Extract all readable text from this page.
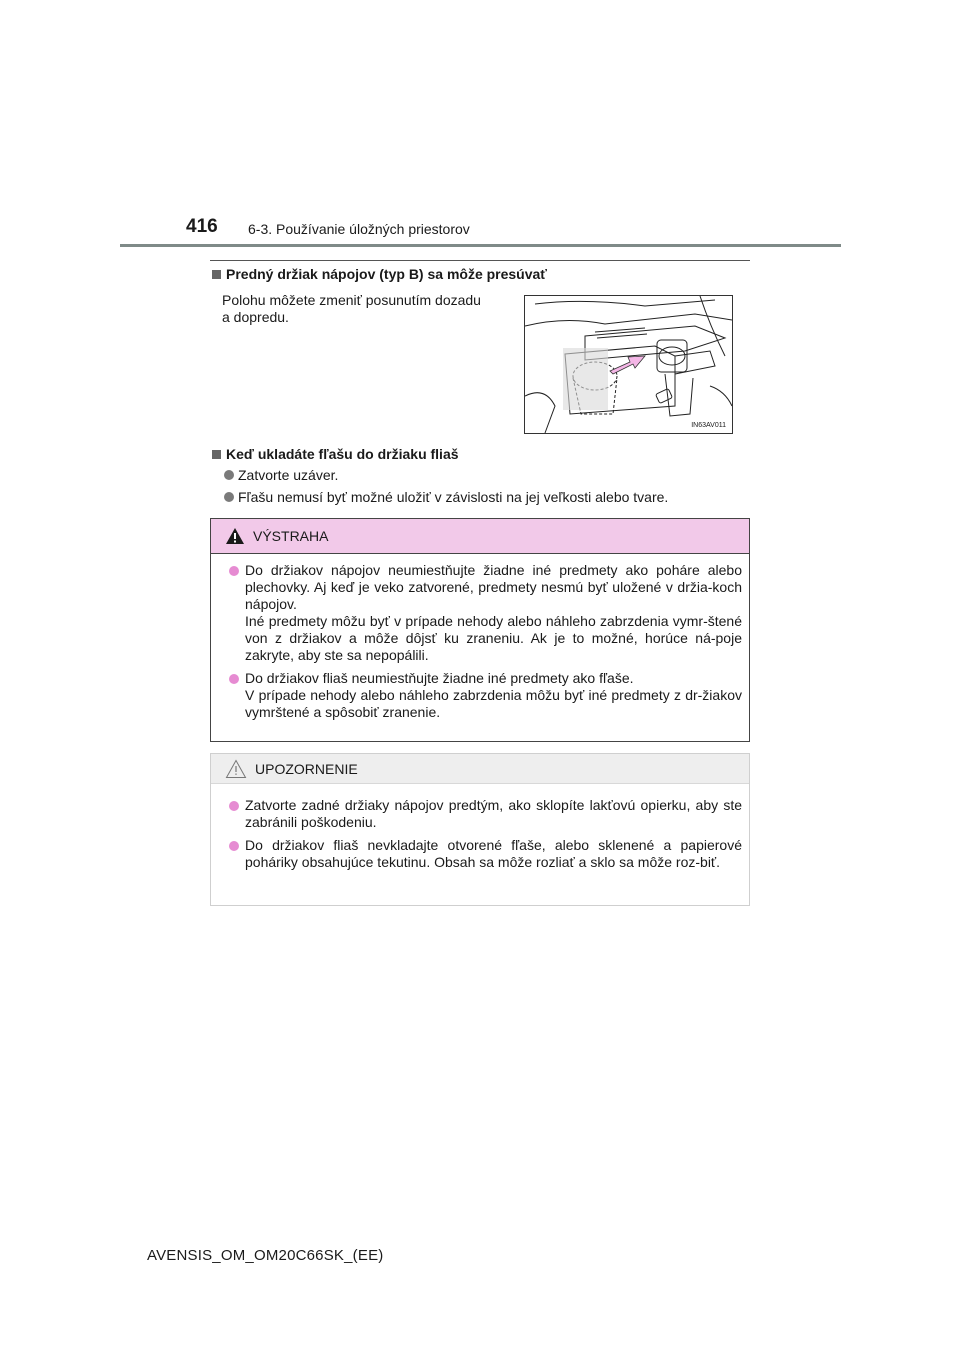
416 6-3. Používanie úložných priestorov
Predný držiak nápojov (typ B) sa môže presúvať
Polohu môžete zmeniť posunutím dozadu
a dopredu.
IN63AV011
Keď ukladáte fľašu do držiaku fliaš
Zatvorte uzáver.
Fľašu nemusí byť možné uložiť v závislosti na jej veľkosti alebo tvare.
VÝSTRAHA
Do držiakov nápojov neumiestňujte žiadne iné predmety ako poháre alebo plechovky. Aj keď je veko zatvorené, predmety nesmú byť uložené v držia-koch nápojov.
Iné predmety môžu byť v prípade nehody alebo náhleho zabrzdenia vymr-štené von z držiakov a môže dôjsť ku zraneniu. Ak je to možné, horúce ná-poje zakryte, aby ste sa nepopálili.
Do držiakov fliaš neumiestňujte žiadne iné predmety ako fľaše.
V prípade nehody alebo náhleho zabrzdenia môžu byť iné predmety z dr-žiakov vymrštené a spôsobiť zranenie.
UPOZORNENIE
Zatvorte zadné držiaky nápojov predtým, ako sklopíte lakťovú opierku, aby ste zabránili poškodeniu.
Do držiakov fliaš nevkladajte otvorené fľaše, alebo sklenené a papierové poháriky obsahujúce tekutinu. Obsah sa môže rozliať a sklo sa môže roz-biť.
AVENSIS_OM_OM20C66SK_(EE)
